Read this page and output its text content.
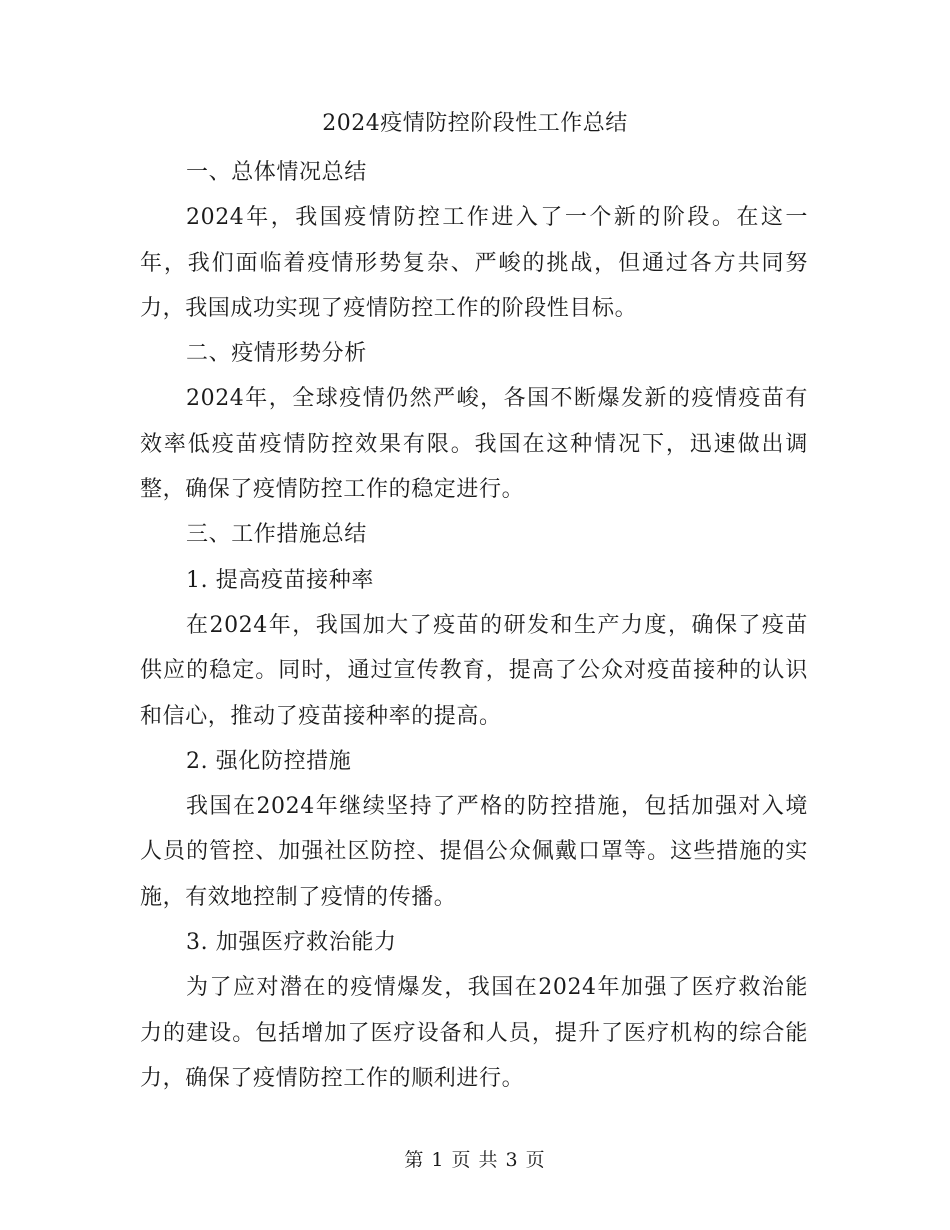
2024疫情防控阶段性工作总结

一、总体情况总结

2024年，我国疫情防控工作进入了一个新的阶段。在这一年，我们面临着疫情形势复杂、严峻的挑战，但通过各方共同努力，我国成功实现了疫情防控工作的阶段性目标。

二、疫情形势分析

2024年，全球疫情仍然严峻，各国不断爆发新的疫情疫苗有效率低疫苗疫情防控效果有限。我国在这种情况下，迅速做出调整，确保了疫情防控工作的稳定进行。

三、工作措施总结

1. 提高疫苗接种率

在2024年，我国加大了疫苗的研发和生产力度，确保了疫苗供应的稳定。同时，通过宣传教育，提高了公众对疫苗接种的认识和信心，推动了疫苗接种率的提高。

2. 强化防控措施

我国在2024年继续坚持了严格的防控措施，包括加强对入境人员的管控、加强社区防控、提倡公众佩戴口罩等。这些措施的实施，有效地控制了疫情的传播。

3. 加强医疗救治能力

为了应对潜在的疫情爆发，我国在2024年加强了医疗救治能力的建设。包括增加了医疗设备和人员，提升了医疗机构的综合能力，确保了疫情防控工作的顺利进行。

第 1 页 共 3 页
